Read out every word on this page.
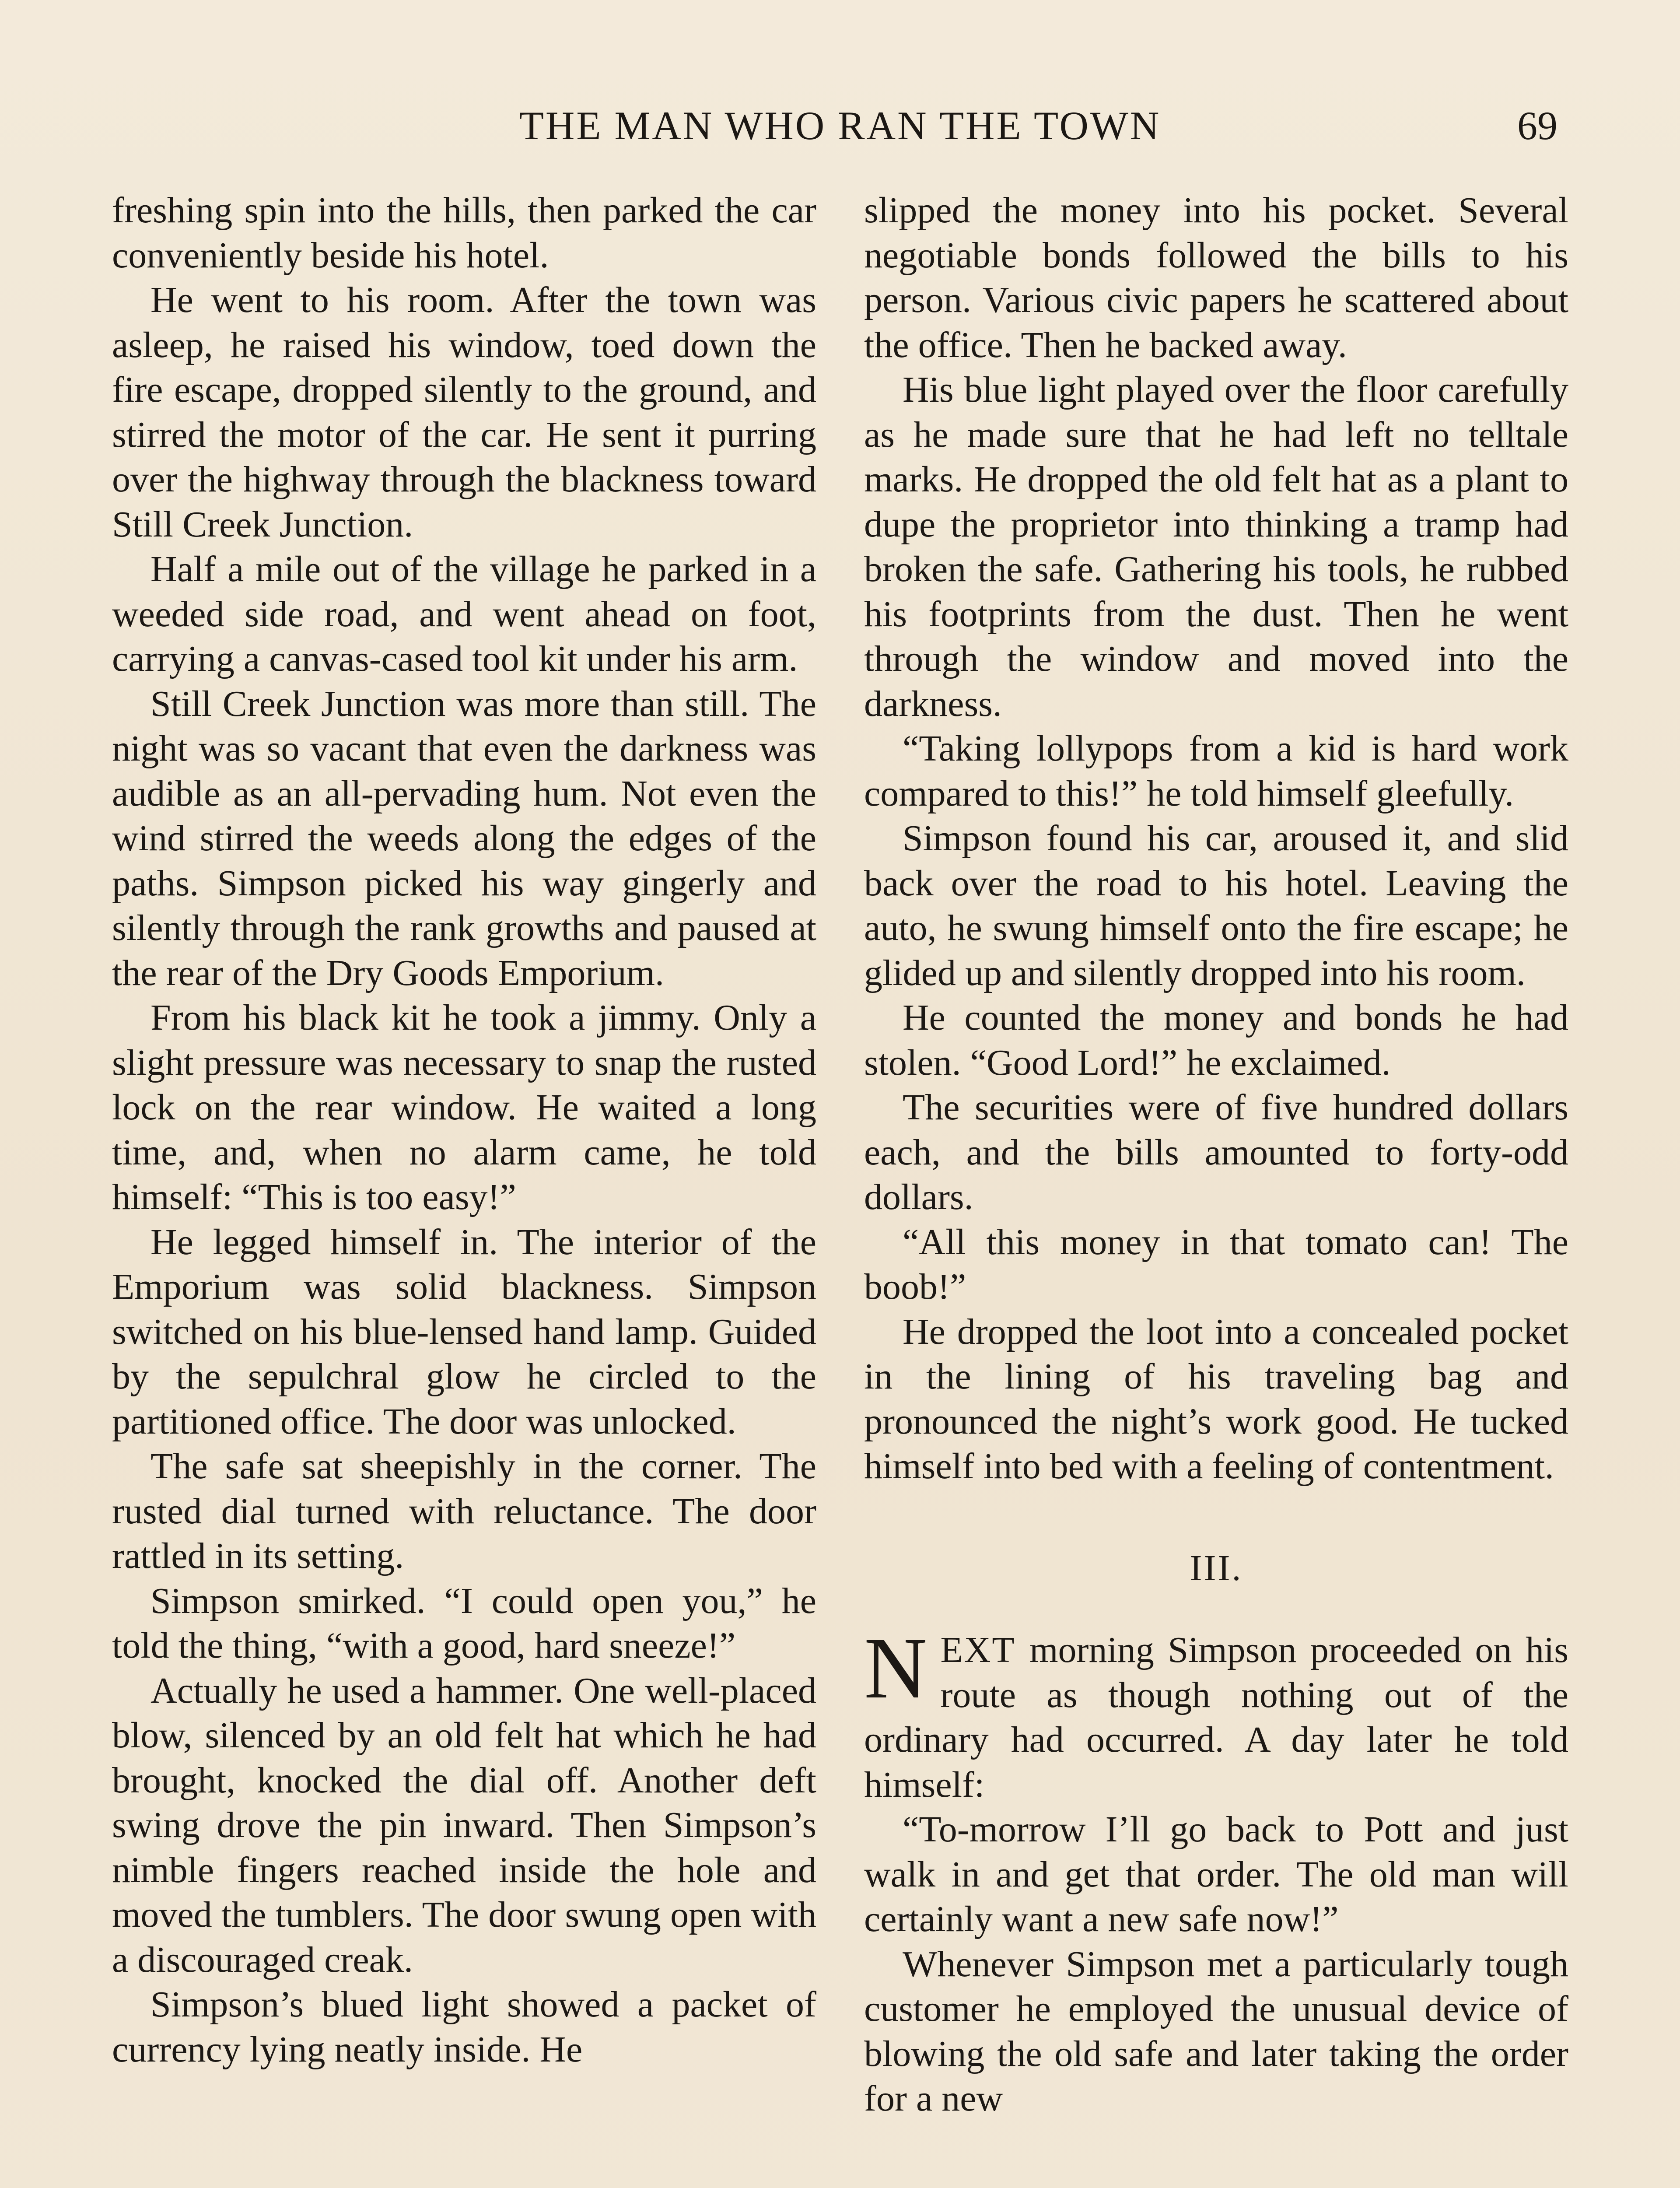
THE MAN WHO RAN THE TOWN	69

freshing spin into the hills, then parked the car conveniently beside his hotel.

He went to his room. After the town was asleep, he raised his window, toed down the fire escape, dropped silently to the ground, and stirred the motor of the car. He sent it purring over the highway through the blackness toward Still Creek Junction.

Half a mile out of the village he parked in a weeded side road, and went ahead on foot, carrying a canvas-cased tool kit under his arm.

Still Creek Junction was more than still. The night was so vacant that even the darkness was audible as an all-pervading hum. Not even the wind stirred the weeds along the edges of the paths. Simpson picked his way gingerly and silently through the rank growths and paused at the rear of the Dry Goods Emporium.

From his black kit he took a jimmy. Only a slight pressure was necessary to snap the rusted lock on the rear window. He waited a long time, and, when no alarm came, he told himself: “This is too easy!”

He legged himself in. The interior of the Emporium was solid blackness. Simpson switched on his blue-lensed hand lamp. Guided by the sepulchral glow he circled to the partitioned office. The door was unlocked.

The safe sat sheepishly in the corner. The rusted dial turned with reluctance. The door rattled in its setting.

Simpson smirked. “I could open you,” he told the thing, “with a good, hard sneeze!”

Actually he used a hammer. One well-placed blow, silenced by an old felt hat which he had brought, knocked the dial off. Another deft swing drove the pin inward. Then Simpson’s nimble fingers reached inside the hole and moved the tumblers. The door swung open with a discouraged creak.

Simpson’s blued light showed a packet of currency lying neatly inside. He

slipped the money into his pocket. Several negotiable bonds followed the bills to his person. Various civic papers he scattered about the office. Then he backed away.

His blue light played over the floor carefully as he made sure that he had left no telltale marks. He dropped the old felt hat as a plant to dupe the proprietor into thinking a tramp had broken the safe. Gathering his tools, he rubbed his footprints from the dust. Then he went through the window and moved into the darkness.

“Taking lollypops from a kid is hard work compared to this!” he told himself gleefully.

Simpson found his car, aroused it, and slid back over the road to his hotel. Leaving the auto, he swung himself onto the fire escape; he glided up and silently dropped into his room.

He counted the money and bonds he had stolen. “Good Lord!” he exclaimed.

The securities were of five hundred dollars each, and the bills amounted to forty-odd dollars.

“All this money in that tomato can! The boob!”

He dropped the loot into a concealed pocket in the lining of his traveling bag and pronounced the night’s work good. He tucked himself into bed with a feeling of contentment.

III.

NEXT morning Simpson proceeded on his route as though nothing out of the ordinary had occurred. A day later he told himself:

“To-morrow I’ll go back to Pott and just walk in and get that order. The old man will certainly want a new safe now!”

Whenever Simpson met a particularly tough customer he employed the unusual device of blowing the old safe and later taking the order for a new
